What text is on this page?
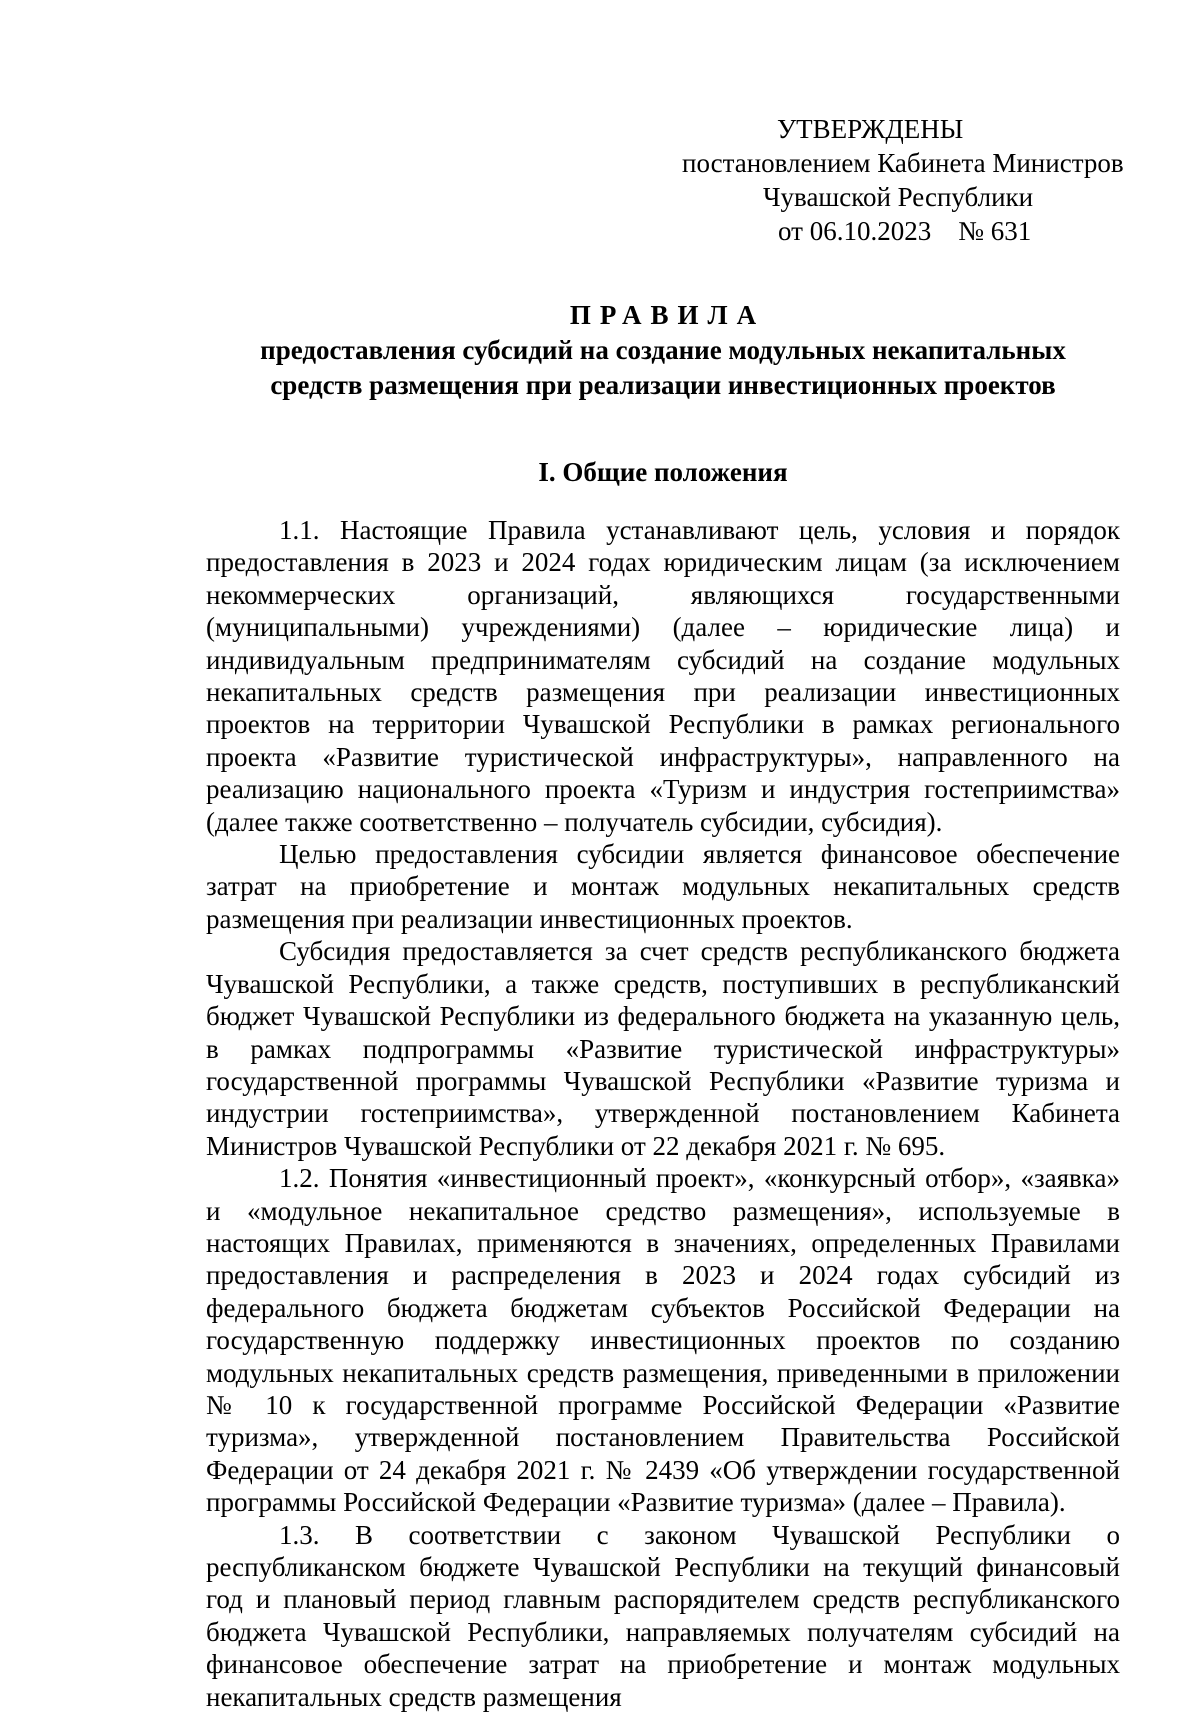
УТВЕРЖДЕНЫ
постановлением Кабинета Министров
Чувашской Республики
от 06.10.2023    № 631
ПРАВИЛА
предоставления субсидий на создание модульных некапитальных
средств размещения при реализации инвестиционных проектов
I. Общие положения

1.1. Настоящие Правила устанавливают цель, условия и порядок предоставления в 2023 и 2024 годах юридическим лицам (за исключением некоммерческих организаций, являющихся государственными (муниципальными) учреждениями) (далее – юридические лица) и индивидуальным предпринимателям субсидий на создание модульных некапитальных средств размещения при реализации инвестиционных проектов на территории Чувашской Республики в рамках регионального проекта «Развитие туристической инфраструктуры», направленного на реализацию национального проекта «Туризм и индустрия гостеприимства» (далее также соответственно – получатель субсидии, субсидия).

Целью предоставления субсидии является финансовое обеспечение затрат на приобретение и монтаж модульных некапитальных средств размещения при реализации инвестиционных проектов.

Субсидия предоставляется за счет средств республиканского бюджета Чувашской Республики, а также средств, поступивших в республиканский бюджет Чувашской Республики из федерального бюджета на указанную цель, в рамках подпрограммы «Развитие туристической инфраструктуры» государственной программы Чувашской Республики «Развитие туризма и индустрии гостеприимства», утвержденной постановлением Кабинета Министров Чувашской Республики от 22 декабря 2021 г. № 695.

1.2. Понятия «инвестиционный проект», «конкурсный отбор», «заявка» и «модульное некапитальное средство размещения», используемые в настоящих Правилах, применяются в значениях, определенных Правилами предоставления и распределения в 2023 и 2024 годах субсидий из федерального бюджета бюджетам субъектов Российской Федерации на государственную поддержку инвестиционных проектов по созданию модульных некапитальных средств размещения, приведенными в приложении № 10 к государственной программе Российской Федерации «Развитие туризма», утвержденной постановлением Правительства Российской Федерации от 24 декабря 2021 г. № 2439 «Об утверждении государственной программы Российской Федерации «Развитие туризма» (далее – Правила).

1.3. В соответствии с законом Чувашской Республики о республиканском бюджете Чувашской Республики на текущий финансовый год и плановый период главным распорядителем средств республиканского бюджета Чувашской Республики, направляемых получателям субсидий на финансовое обеспечение затрат на приобретение и монтаж модульных некапитальных средств размещения
